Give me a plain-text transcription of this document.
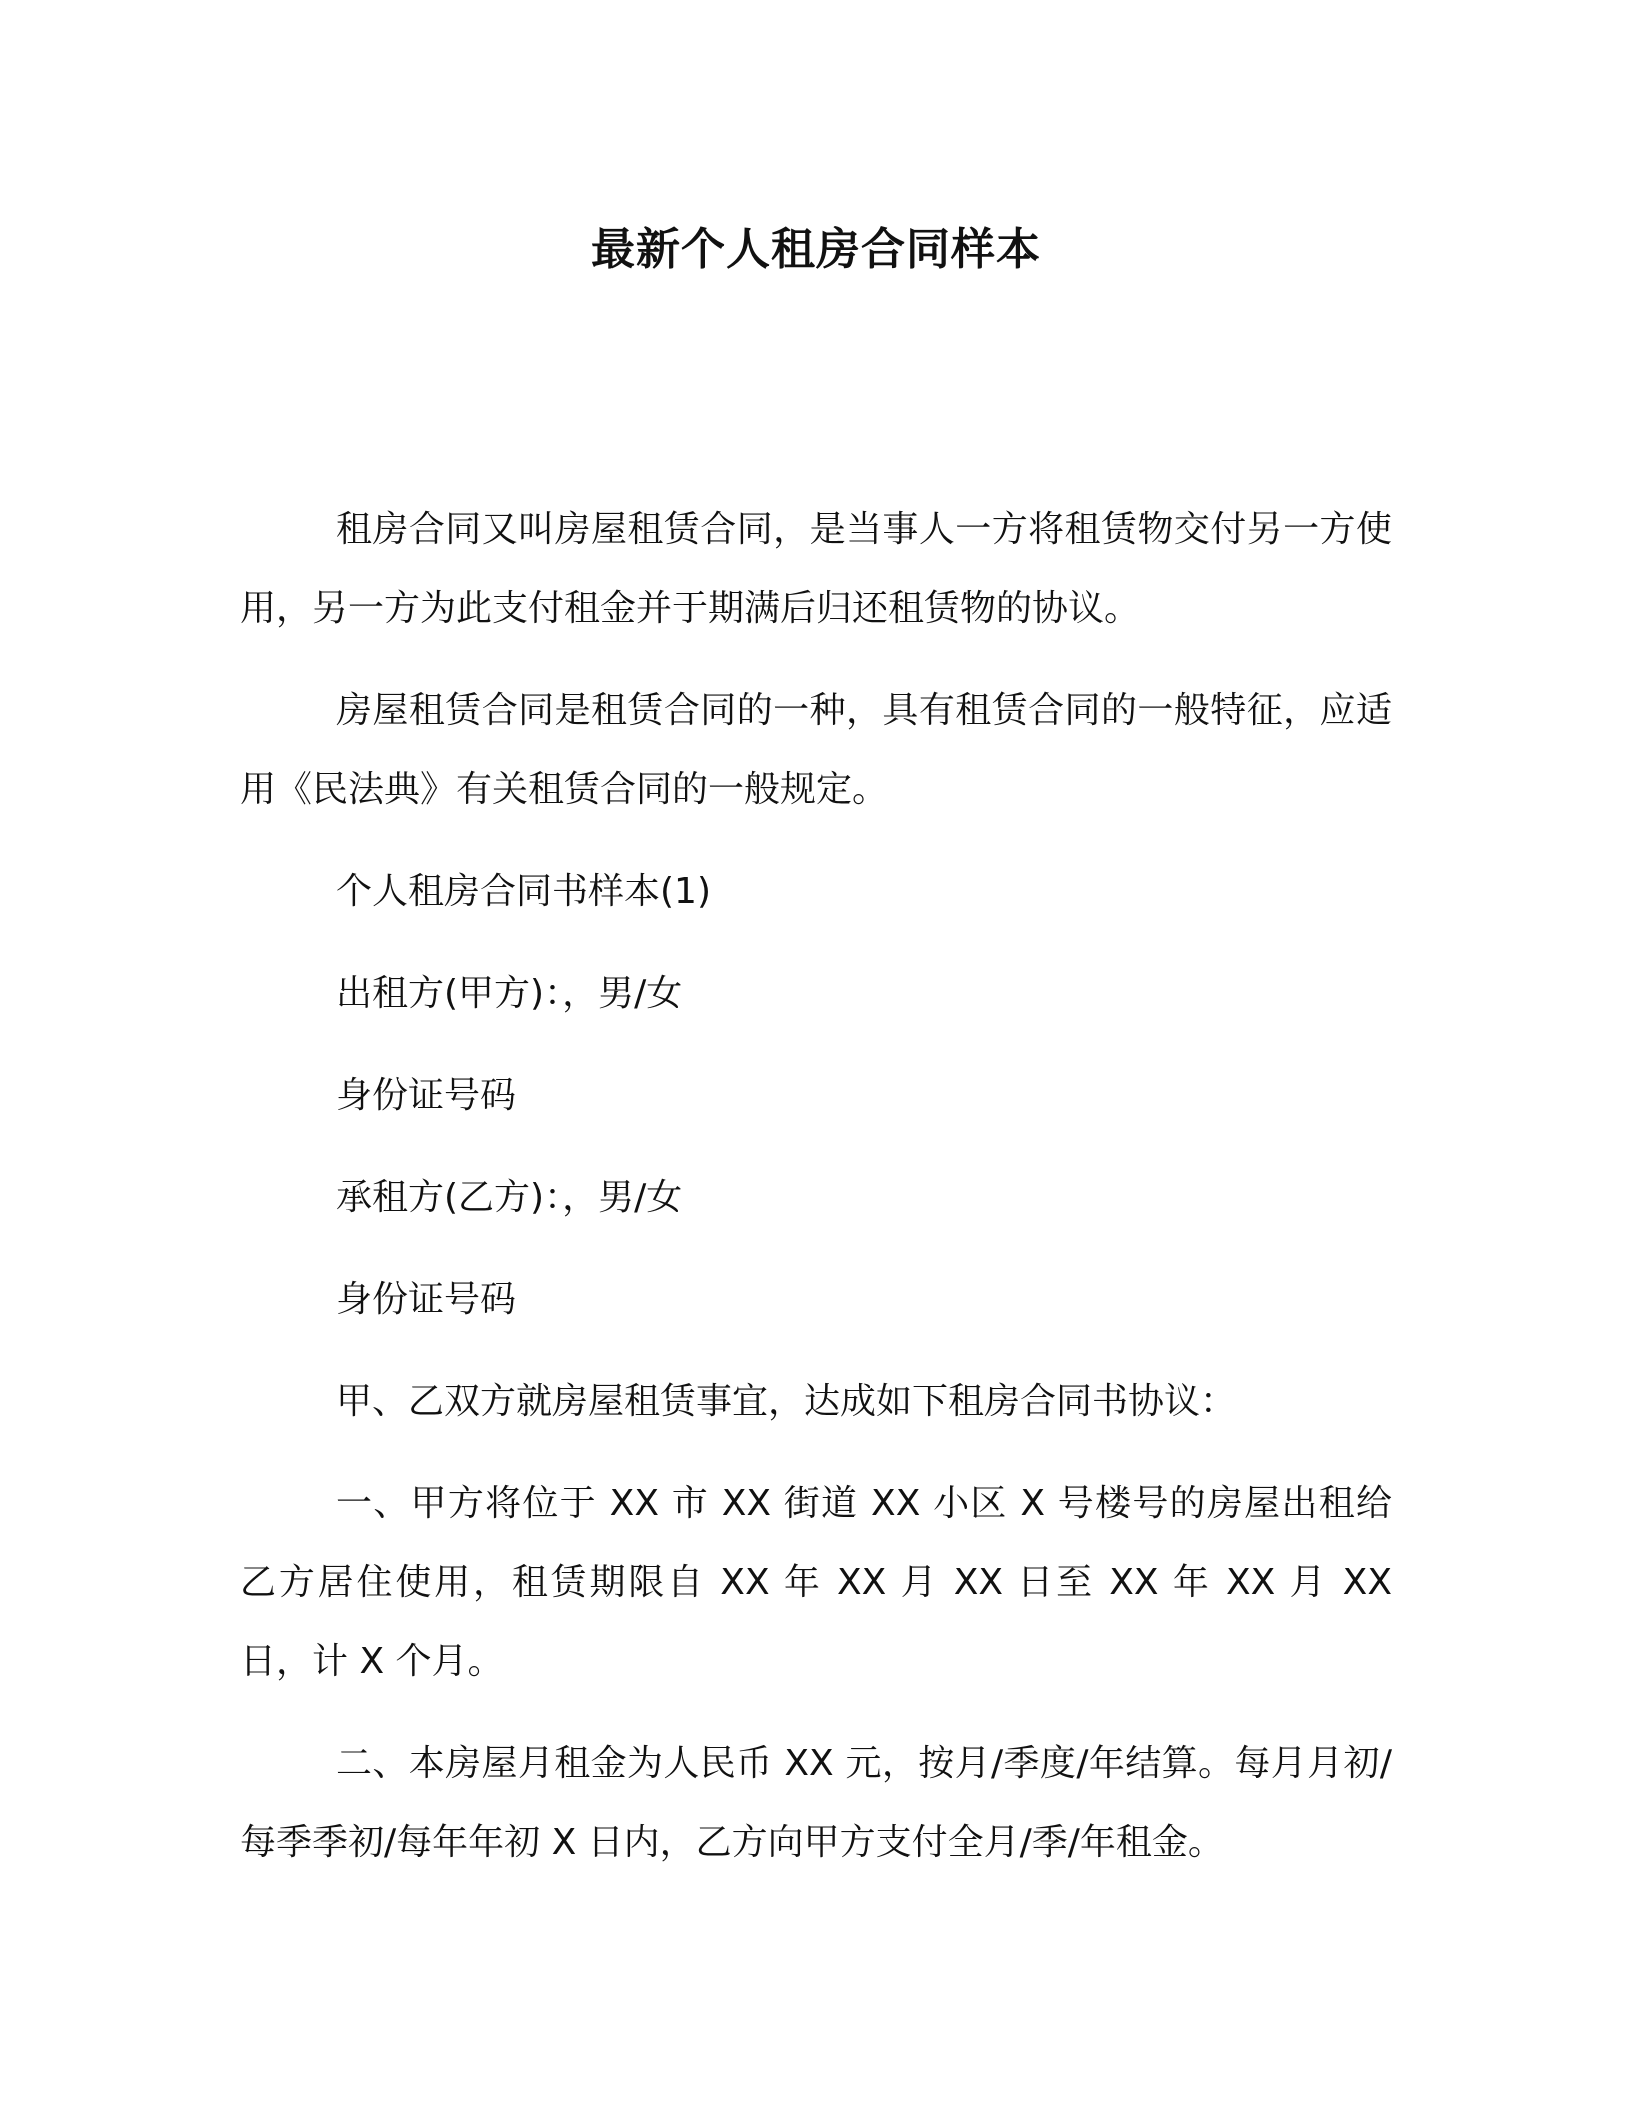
最新个人租房合同样本

租房合同又叫房屋租赁合同，是当事人一方将租赁物交付另一方使用，另一方为此支付租金并于期满后归还租赁物的协议。

房屋租赁合同是租赁合同的一种，具有租赁合同的一般特征，应适用《民法典》有关租赁合同的一般规定。

个人租房合同书样本(1)

出租方(甲方)：，男/女

身份证号码

承租方(乙方)：，男/女

身份证号码

甲、乙双方就房屋租赁事宜，达成如下租房合同书协议：

一、甲方将位于 XX 市 XX 街道 XX 小区 X 号楼号的房屋出租给乙方居住使用，租赁期限自 XX 年 XX 月 XX 日至 XX 年 XX 月 XX 日，计 X 个月。

二、本房屋月租金为人民币 XX 元，按月/季度/年结算。每月月初/每季季初/每年年初 X 日内，乙方向甲方支付全月/季/年租金。
